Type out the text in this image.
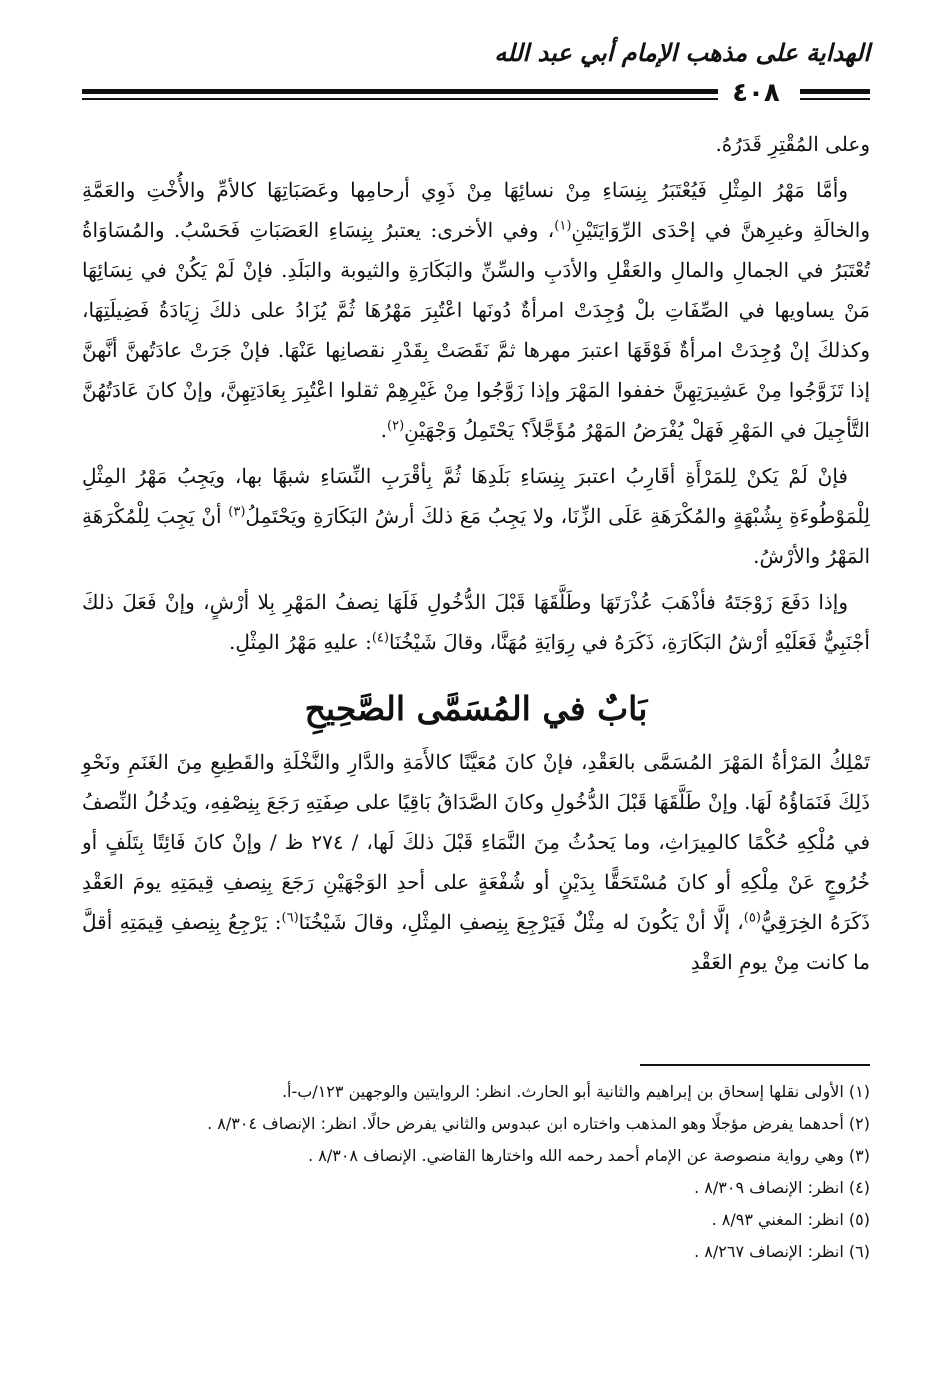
الهداية على مذهب الإمام أبي عبد الله
٤٠٨

وعلى المُقْتِرِ قَدَرُهُ.

وأمَّا مَهْرُ المِثْلِ فَيُعْتَبَرُ بِنِسَاءِ مِنْ نسائِهَا مِنْ ذَوِي أرحامِها وعَصَبَاتِهَا كالأمِّ والأُخْتِ والعَمَّةِ والخالَةِ وغيرِهنَّ في إحْدَى الرِّوَايَتَيْنِ$^{(١)}$، وفي الأخرى: يعتبرُ بِنِسَاءِ العَصَبَاتِ فَحَسْبُ. والمُسَاوَاةُ تُعْتَبَرُ في الجمالِ والمالِ والعَقْلِ والأدَبِ والسِّنِّ والبَكَارَةِ والثيوبة والبَلَدِ. فإنْ لَمْ يَكُنْ في نِسَائِهَا مَنْ يساويها في الصِّفَاتِ بلْ وُجِدَتْ امرأةٌ دُونَها اعْتُبِرَ مَهْرُهَا ثُمَّ يُزَادُ على ذلكَ زِيَادَةُ فَضِيلَتِهَا، وكذلكَ إنْ وُجِدَتْ امرأةٌ فَوْقَهَا اعتبرَ مهرها ثمَّ نَقَصَتْ بِقَدْرِ نقصانِها عَنْهَا. فإنْ جَرَتْ عادَتُهنَّ أنَّهنَّ إذا تَزَوَّجُوا مِنْ عَشِيرَتِهِنَّ خففوا المَهْرَ وإذا زَوَّجُوا مِنْ غَيْرِهِمْ ثقلوا اعْتُبِرَ بِعَادَتِهِنَّ، وإنْ كانَ عَادَتُهُنَّ التَّأجِيلَ في المَهْرِ فَهَلْ يُفْرَضُ المَهْرُ مُؤَجَّلاً؟ يَحْتَمِلُ وَجْهَيْنِ$^{(٢)}$.

فإنْ لَمْ يَكنْ لِلمَرْأَةِ أقَارِبُ اعتبرَ بِنِسَاءِ بَلَدِهَا ثُمَّ بِأقْرَبِ النِّسَاءِ شبهًا بها، ويَجِبُ مَهْرُ المِثْلِ لِلْمَوْطُوءَةِ بِشُبْهَةٍ والمُكْرَهَةِ عَلَى الزِّنَا، ولا يَجِبُ مَعَ ذلكَ أرشُ البَكَارَةِ ويَحْتَمِلُ$^{(٣)}$ أنْ يَجِبَ لِلْمُكْرَهَةِ المَهْرُ والأرْشُ.

وإذا دَفَعَ زَوْجَتَهُ فأذْهَبَ عُذْرَتَهَا وطَلَّقَهَا قَبْلَ الدُّخُولِ فَلَهَا نِصفُ المَهْرِ بِلا أرْشٍ، وإنْ فَعَلَ ذلكَ أجْنَبِيٌّ فَعَلَيْهِ أرْشُ البَكَارَةِ، ذَكَرَهُ في رِوَايَةِ مُهَنَّا، وقالَ شَيْخُنَا$^{(٤)}$: عليهِ مَهْرُ المِثْلِ.

بَابٌ في المُسَمَّى الصَّحِيحِ

تَمْلِكُ المَرْأةُ المَهْرَ المُسَمَّى بالعَقْدِ، فإنْ كانَ مُعَيَّنًا كالأَمَةِ والدَّارِ والنَّخْلَةِ والقَطِيعِ مِنَ الغَنَمِ ونَحْوِ ذَلِكَ فَنَمَاؤُهُ لَهَا. وإنْ طَلَّقَهَا قَبْلَ الدُّخُولِ وكانَ الصَّدَاقُ بَاقِيًا على صِفَتِهِ رَجَعَ بِنِصْفِهِ، ويَدخُلُ النِّصفُ في مُلْكِهِ حُكْمًا كالمِيرَاثِ، وما يَحدُثُ مِنَ النَّمَاءِ قَبْلَ ذلكَ لَها، / ٢٧٤ ظ / وإنْ كانَ فَائِتًا بِتَلَفٍ أو خُرُوجٍ عَنْ مِلْكِهِ أو كانَ مُسْتَحَقًّا بِدَيْنٍ أو شُفْعَةٍ على أحدِ الوَجْهَيْنِ رَجَعَ بِنِصفِ قِيمَتِهِ يومَ العَقْدِ ذَكَرَهُ الخِرَقِيُّ$^{(٥)}$، إلَّا أنْ يَكُونَ له مِثْلٌ فَيَرْجِعَ بِنِصفِ المِثْلِ، وقالَ شَيْخُنَا$^{(٦)}$: يَرْجِعُ بِنِصفِ قِيمَتِهِ أقلَّ ما كانت مِنْ يومِ العَقْدِ

(١) الأولى نقلها إسحاق بن إبراهيم والثانية أبو الحارث. انظر: الروايتين والوجهين ١٢٣/ب-أ.
(٢) أحدهما يفرض مؤجلًا وهو المذهب واختاره ابن عبدوس والثاني يفرض حالًا. انظر: الإنصاف ٨/٣٠٤ .
(٣) وهي رواية منصوصة عن الإمام أحمد رحمه الله واختارها القاضي. الإنصاف ٨/٣٠٨ .
(٤) انظر: الإنصاف ٨/٣٠٩ .
(٥) انظر: المغني ٨/٩٣ .
(٦) انظر: الإنصاف ٨/٢٦٧ .
